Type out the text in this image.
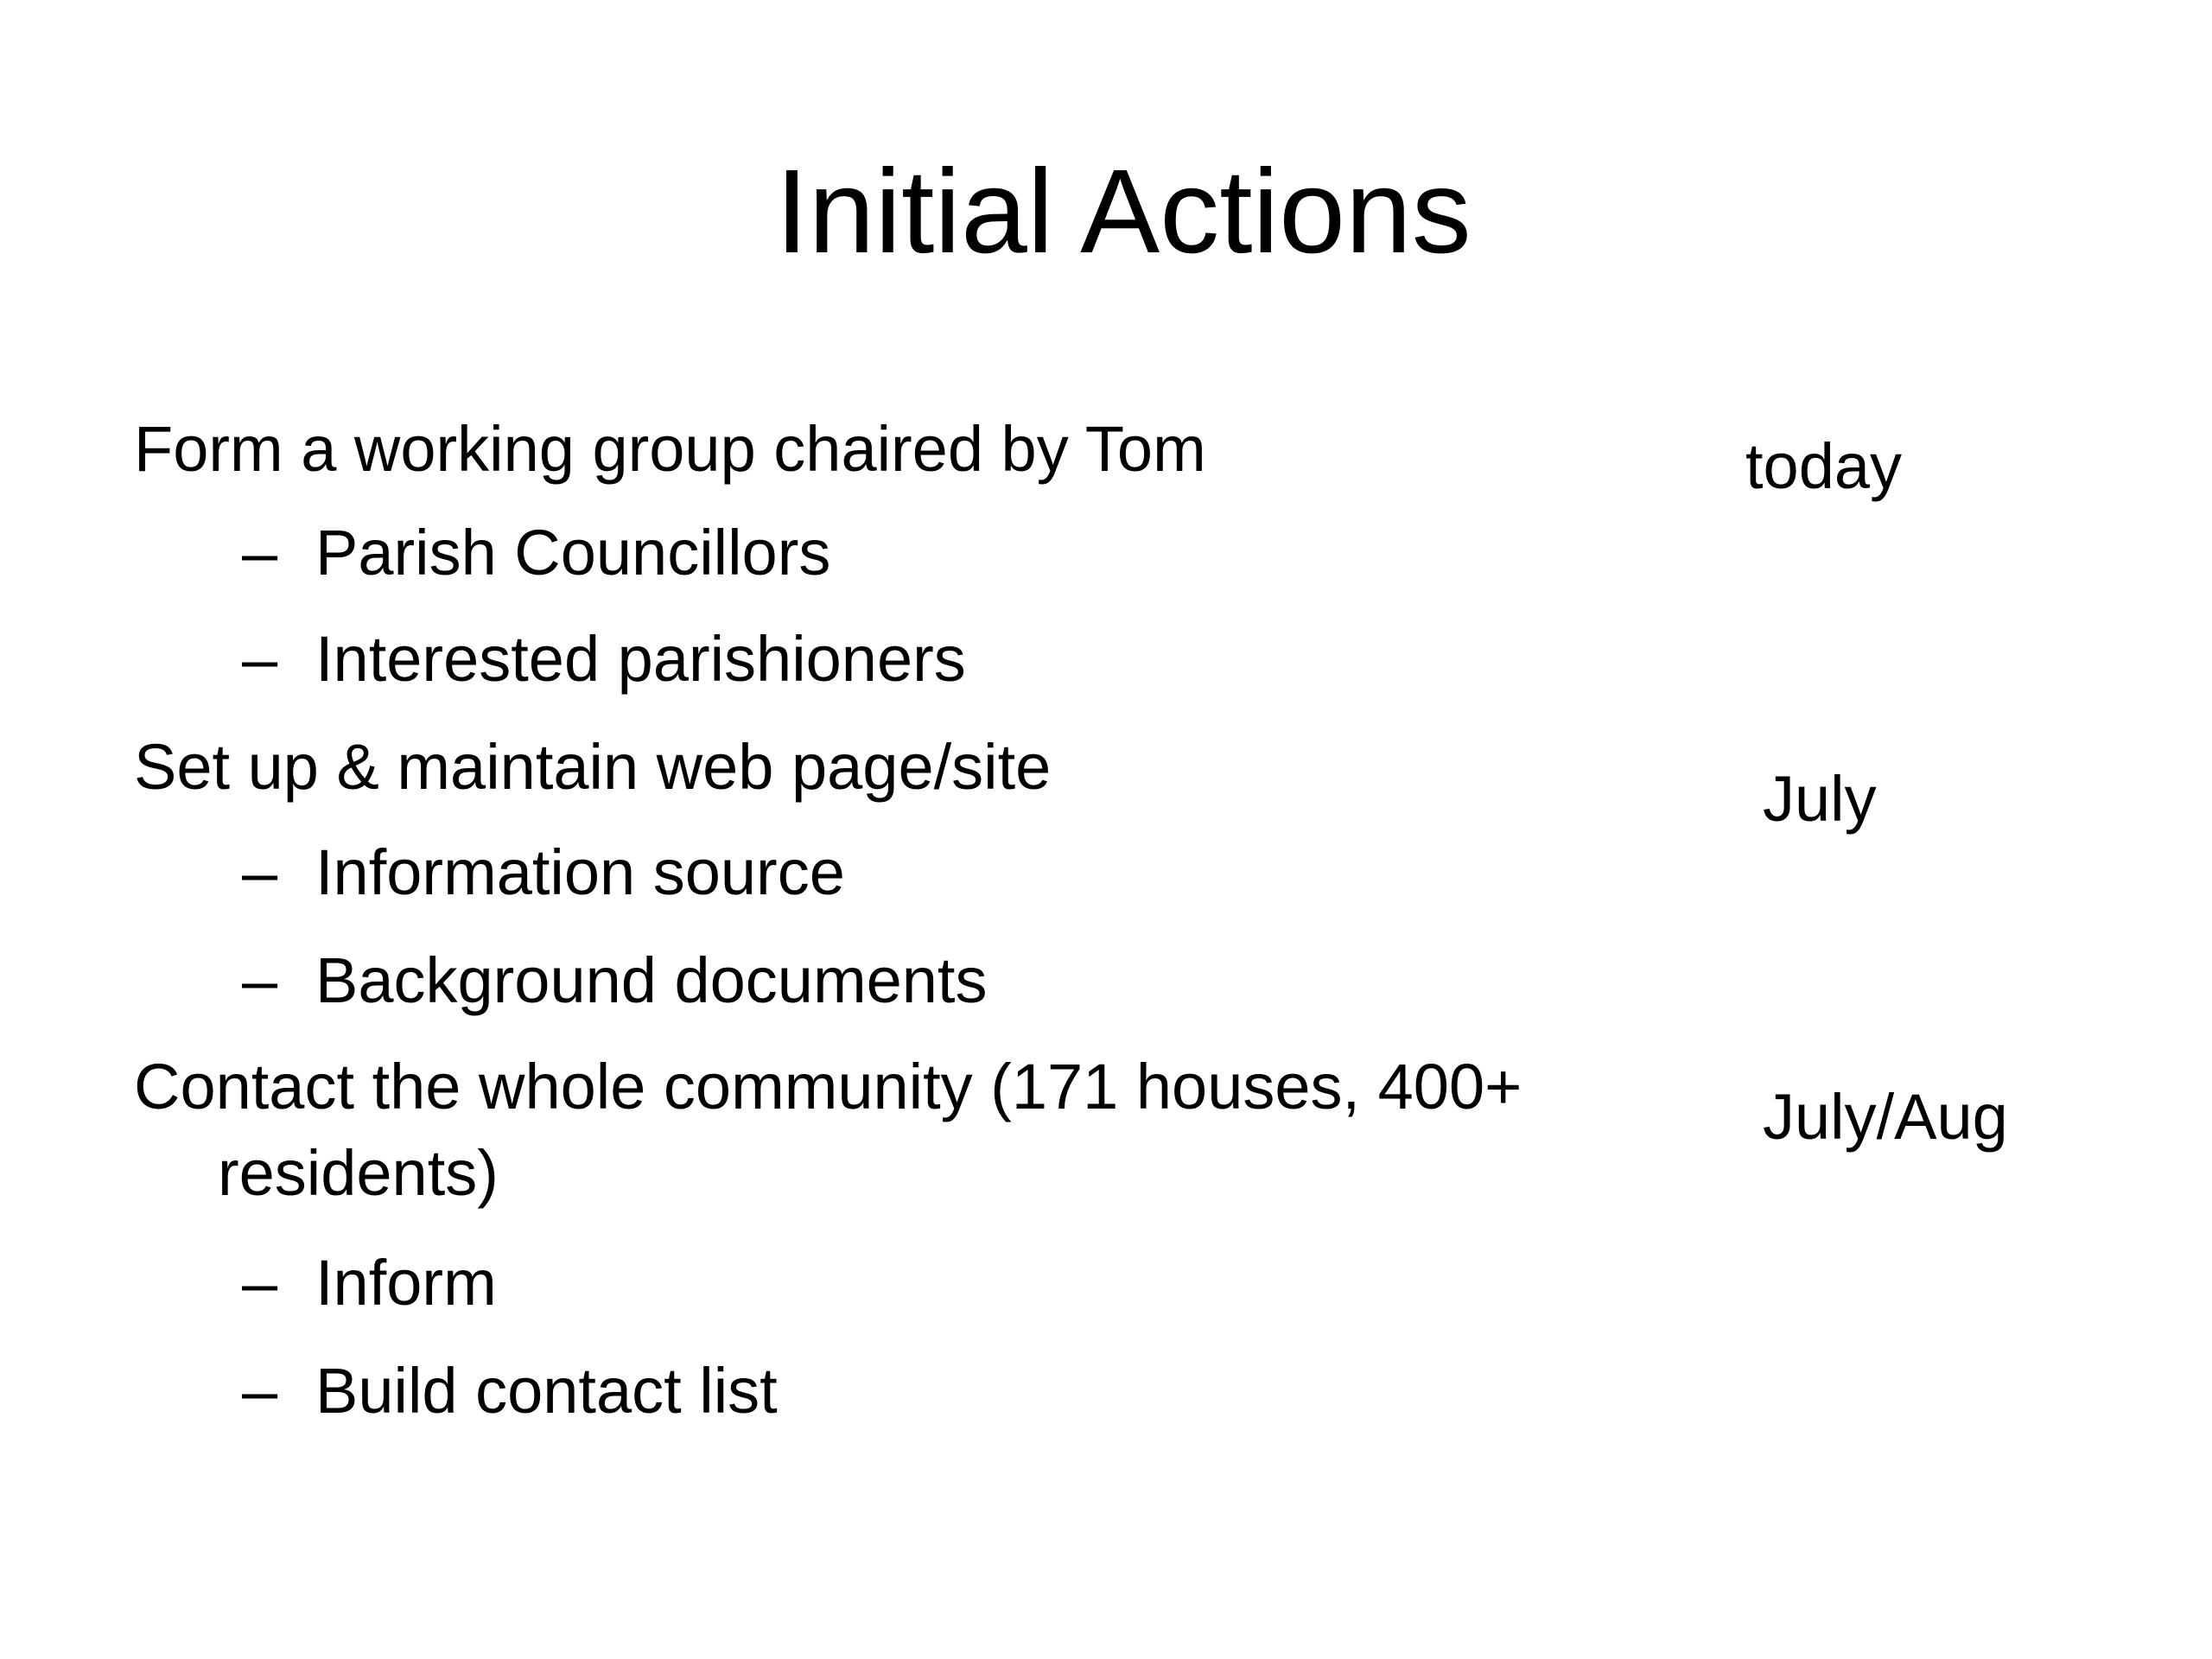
Initial Actions
Form a working group chaired by Tom	today
– Parish Councillors
– Interested parishioners
Set up & maintain web page/site	July
– Information source
– Background documents
Contact the whole community (171 houses, 400+
residents)
July/Aug
– Inform
– Build contact list
